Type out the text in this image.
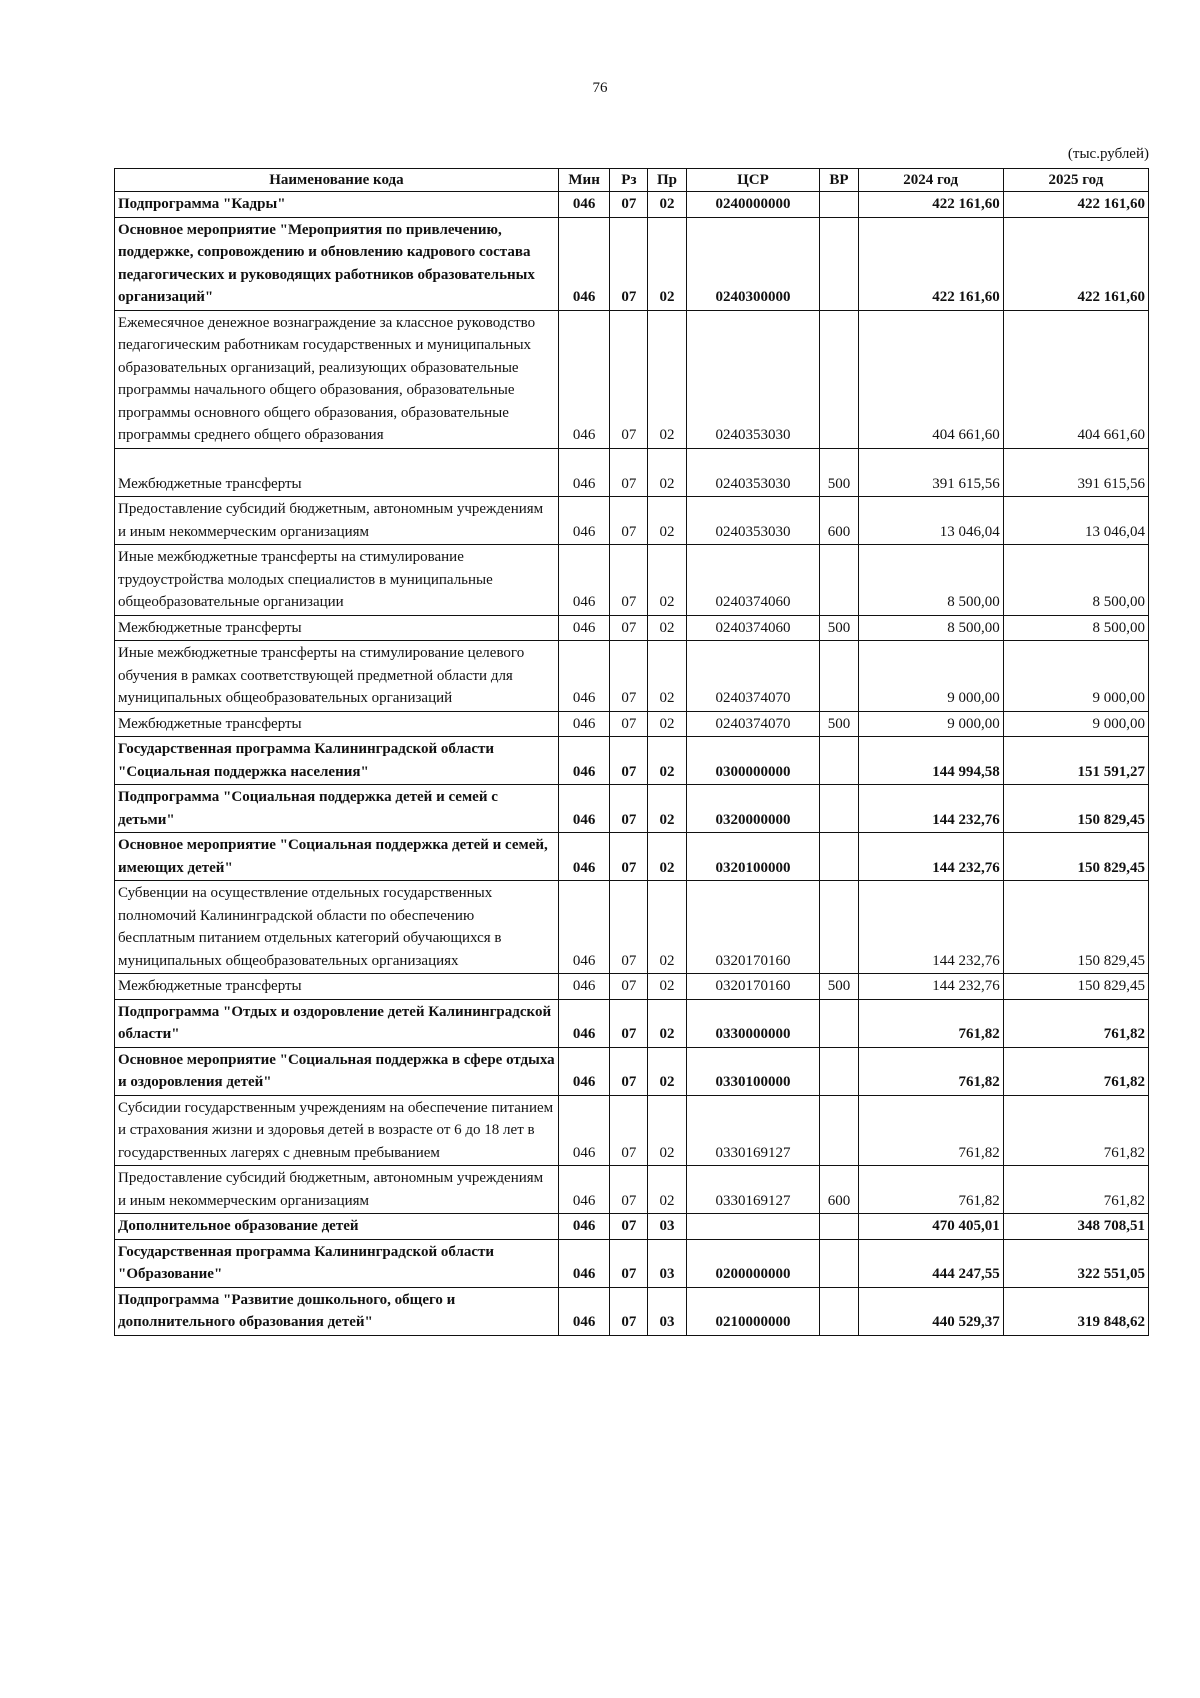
76
(тыс.рублей)
Наименование кода	Мин	Рз	Пр	ЦСР	ВР	2024 год	2025 год
Подпрограмма "Кадры"	046	07	02	0240000000		422 161,60	422 161,60
Основное мероприятие "Мероприятия по привлечению, поддержке, сопровождению и обновлению кадрового состава педагогических и руководящих работников образовательных организаций"	046	07	02	0240300000		422 161,60	422 161,60
Ежемесячное денежное вознаграждение за классное руководство педагогическим работникам государственных и муниципальных образовательных организаций, реализующих образовательные программы начального общего образования, образовательные программы основного общего образования, образовательные программы среднего общего образования	046	07	02	0240353030		404 661,60	404 661,60
Межбюджетные трансферты	046	07	02	0240353030	500	391 615,56	391 615,56
Предоставление субсидий бюджетным, автономным учреждениям и иным некоммерческим организациям	046	07	02	0240353030	600	13 046,04	13 046,04
Иные межбюджетные трансферты на стимулирование трудоустройства молодых специалистов в муниципальные общеобразовательные организации	046	07	02	0240374060		8 500,00	8 500,00
Межбюджетные трансферты	046	07	02	0240374060	500	8 500,00	8 500,00
Иные межбюджетные трансферты на стимулирование целевого обучения в рамках соответствующей предметной области для муниципальных общеобразовательных организаций	046	07	02	0240374070		9 000,00	9 000,00
Межбюджетные трансферты	046	07	02	0240374070	500	9 000,00	9 000,00
Государственная программа Калининградской области "Социальная поддержка населения"	046	07	02	0300000000		144 994,58	151 591,27
Подпрограмма "Социальная поддержка детей и семей с детьми"	046	07	02	0320000000		144 232,76	150 829,45
Основное мероприятие "Социальная поддержка детей и семей, имеющих детей"	046	07	02	0320100000		144 232,76	150 829,45
Субвенции на осуществление отдельных государственных полномочий Калининградской области по обеспечению бесплатным питанием отдельных категорий обучающихся в муниципальных общеобразовательных организациях	046	07	02	0320170160		144 232,76	150 829,45
Межбюджетные трансферты	046	07	02	0320170160	500	144 232,76	150 829,45
Подпрограмма "Отдых и оздоровление детей Калининградской области"	046	07	02	0330000000		761,82	761,82
Основное мероприятие "Социальная поддержка в сфере отдыха и оздоровления детей"	046	07	02	0330100000		761,82	761,82
Субсидии государственным учреждениям на обеспечение питанием и страхования жизни и здоровья детей в возрасте от 6 до 18 лет в государственных лагерях с дневным пребыванием	046	07	02	0330169127		761,82	761,82
Предоставление субсидий бюджетным, автономным учреждениям и иным некоммерческим организациям	046	07	02	0330169127	600	761,82	761,82
Дополнительное образование детей	046	07	03			470 405,01	348 708,51
Государственная программа Калининградской области "Образование"	046	07	03	0200000000		444 247,55	322 551,05
Подпрограмма "Развитие дошкольного, общего и дополнительного образования детей"	046	07	03	0210000000		440 529,37	319 848,62
